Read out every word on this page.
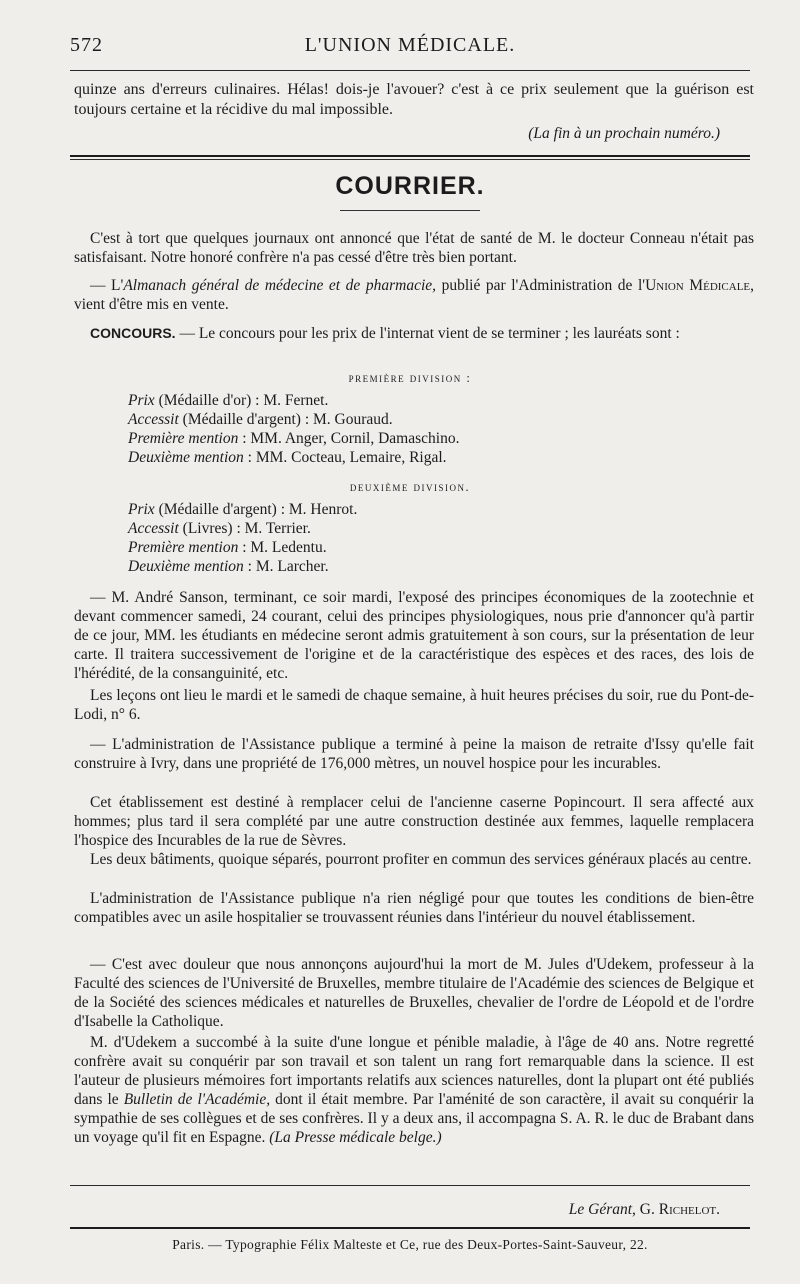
572	L'UNION MÉDICALE.
quinze ans d'erreurs culinaires. Hélas! dois-je l'avouer? c'est à ce prix seulement que la guérison est toujours certaine et la récidive du mal impossible.
(La fin à un prochain numéro.)
COURRIER.
C'est à tort que quelques journaux ont annoncé que l'état de santé de M. le docteur Conneau n'était pas satisfaisant. Notre honoré confrère n'a pas cessé d'être très bien portant.
— L'Almanach général de médecine et de pharmacie, publié par l'Administration de l'Union Médicale, vient d'être mis en vente.
CONCOURS. — Le concours pour les prix de l'internat vient de se terminer ; les lauréats sont :
première division :
Prix (Médaille d'or) : M. Fernet.
Accessit (Médaille d'argent) : M. Gouraud.
Première mention : MM. Anger, Cornil, Damaschino.
Deuxième mention : MM. Cocteau, Lemaire, Rigal.
deuxième division.
Prix (Médaille d'argent) : M. Henrot.
Accessit (Livres) : M. Terrier.
Première mention : M. Ledentu.
Deuxième mention : M. Larcher.
— M. André Sanson, terminant, ce soir mardi, l'exposé des principes économiques de la zootechnie et devant commencer samedi, 24 courant, celui des principes physiologiques, nous prie d'annoncer qu'à partir de ce jour, MM. les étudiants en médecine seront admis gratuitement à son cours, sur la présentation de leur carte. Il traitera successivement de l'origine et de la caractéristique des espèces et des races, des lois de l'hérédité, de la consanguinité, etc.
Les leçons ont lieu le mardi et le samedi de chaque semaine, à huit heures précises du soir, rue du Pont-de-Lodi, n° 6.
— L'administration de l'Assistance publique a terminé à peine la maison de retraite d'Issy qu'elle fait construire à Ivry, dans une propriété de 176,000 mètres, un nouvel hospice pour les incurables.
Cet établissement est destiné à remplacer celui de l'ancienne caserne Popincourt. Il sera affecté aux hommes; plus tard il sera complété par une autre construction destinée aux femmes, laquelle remplacera l'hospice des Incurables de la rue de Sèvres.
Les deux bâtiments, quoique séparés, pourront profiter en commun des services généraux placés au centre.
L'administration de l'Assistance publique n'a rien négligé pour que toutes les conditions de bien-être compatibles avec un asile hospitalier se trouvassent réunies dans l'intérieur du nouvel établissement.
— C'est avec douleur que nous annonçons aujourd'hui la mort de M. Jules d'Udekem, professeur à la Faculté des sciences de l'Université de Bruxelles, membre titulaire de l'Académie des sciences de Belgique et de la Société des sciences médicales et naturelles de Bruxelles, chevalier de l'ordre de Léopold et de l'ordre d'Isabelle la Catholique.
M. d'Udekem a succombé à la suite d'une longue et pénible maladie, à l'âge de 40 ans. Notre regretté confrère avait su conquérir par son travail et son talent un rang fort remarquable dans la science. Il est l'auteur de plusieurs mémoires fort importants relatifs aux sciences naturelles, dont la plupart ont été publiés dans le Bulletin de l'Académie, dont il était membre. Par l'aménité de son caractère, il avait su conquérir la sympathie de ses collègues et de ses confrères. Il y a deux ans, il accompagna S. A. R. le duc de Brabant dans un voyage qu'il fit en Espagne. (La Presse médicale belge.)
Le Gérant, G. Richelot.
Paris. — Typographie Félix Malteste et Ce, rue des Deux-Portes-Saint-Sauveur, 22.
